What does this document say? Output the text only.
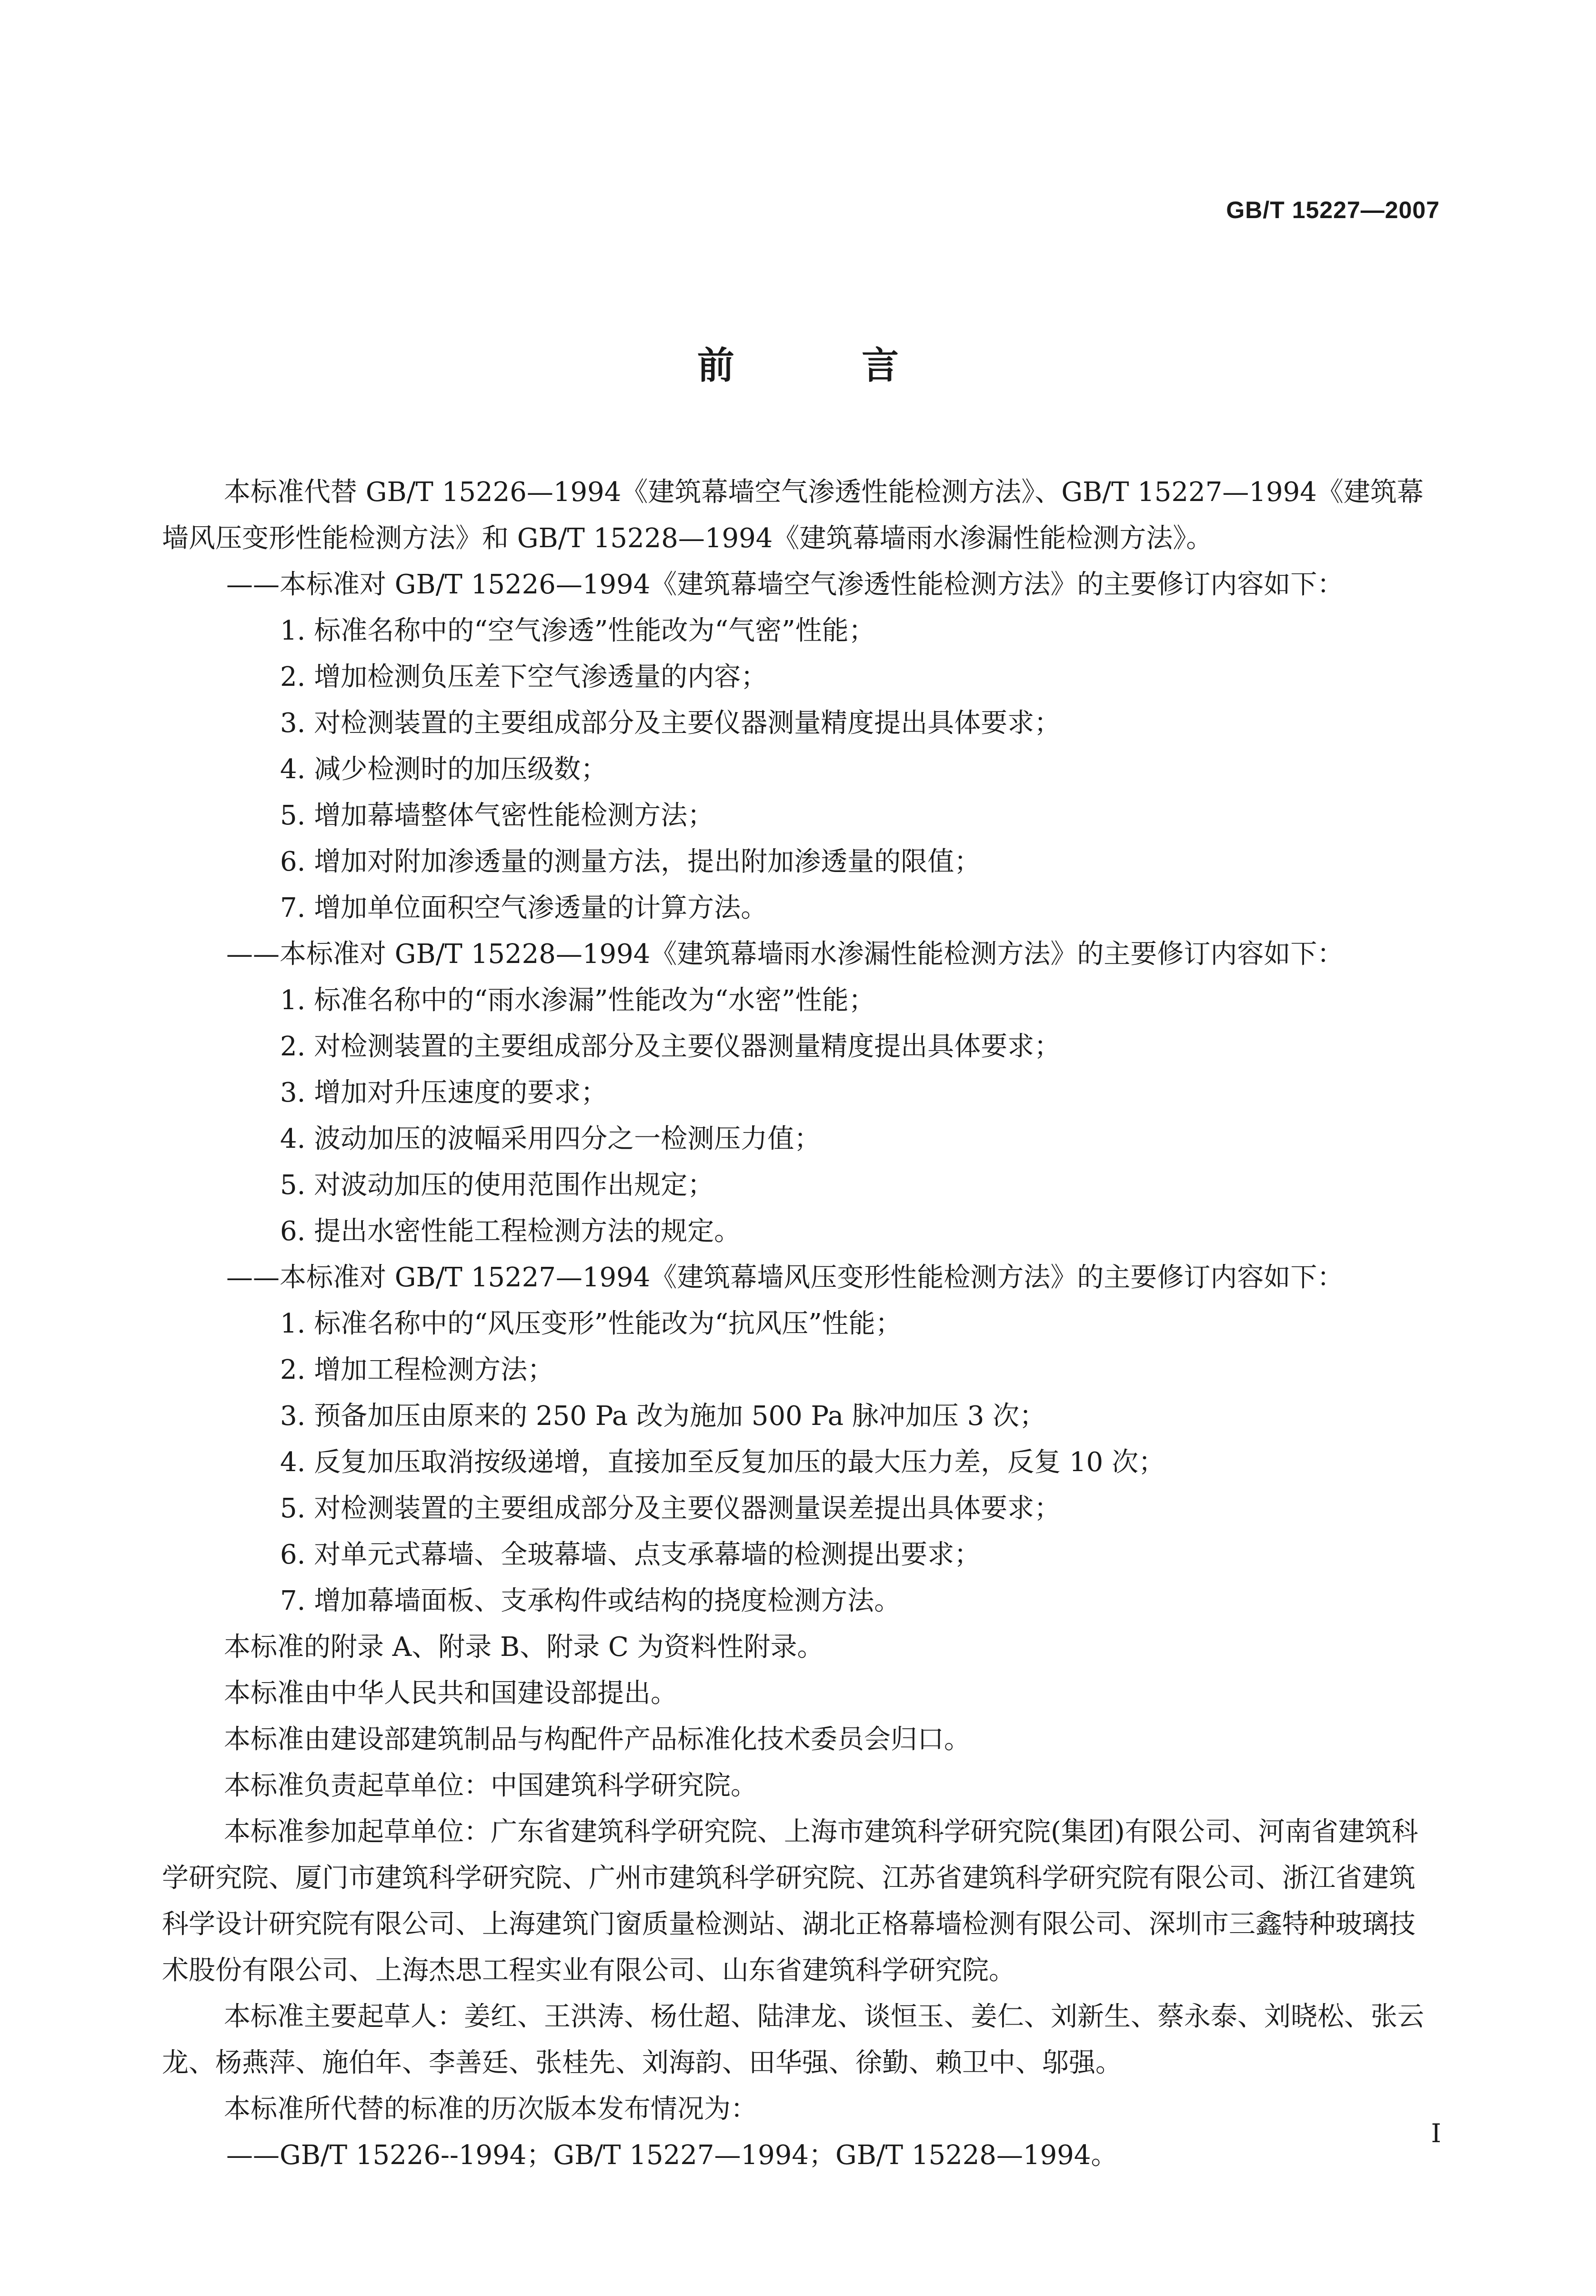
GB/T 15227—2007
前 言

本标准代替 GB/T 15226—1994《建筑幕墙空气渗透性能检测方法》、GB/T 15227—1994《建筑幕墙风压变形性能检测方法》和 GB/T 15228—1994《建筑幕墙雨水渗漏性能检测方法》。

——本标准对 GB/T 15226—1994《建筑幕墙空气渗透性能检测方法》的主要修订内容如下：

1. 标准名称中的“空气渗透”性能改为“气密”性能；

2. 增加检测负压差下空气渗透量的内容；

3. 对检测装置的主要组成部分及主要仪器测量精度提出具体要求；

4. 减少检测时的加压级数；

5. 增加幕墙整体气密性能检测方法；

6. 增加对附加渗透量的测量方法，提出附加渗透量的限值；

7. 增加单位面积空气渗透量的计算方法。

——本标准对 GB/T 15228—1994《建筑幕墙雨水渗漏性能检测方法》的主要修订内容如下：

1. 标准名称中的“雨水渗漏”性能改为“水密”性能；

2. 对检测装置的主要组成部分及主要仪器测量精度提出具体要求；

3. 增加对升压速度的要求；

4. 波动加压的波幅采用四分之一检测压力值；

5. 对波动加压的使用范围作出规定；

6. 提出水密性能工程检测方法的规定。

——本标准对 GB/T 15227—1994《建筑幕墙风压变形性能检测方法》的主要修订内容如下：

1. 标准名称中的“风压变形”性能改为“抗风压”性能；

2. 增加工程检测方法；

3. 预备加压由原来的 250 Pa 改为施加 500 Pa 脉冲加压 3 次；

4. 反复加压取消按级递增，直接加至反复加压的最大压力差，反复 10 次；

5. 对检测装置的主要组成部分及主要仪器测量误差提出具体要求；

6. 对单元式幕墙、全玻幕墙、点支承幕墙的检测提出要求；

7. 增加幕墙面板、支承构件或结构的挠度检测方法。

本标准的附录 A、附录 B、附录 C 为资料性附录。

本标准由中华人民共和国建设部提出。

本标准由建设部建筑制品与构配件产品标准化技术委员会归口。

本标准负责起草单位：中国建筑科学研究院。

本标准参加起草单位：广东省建筑科学研究院、上海市建筑科学研究院(集团)有限公司、河南省建筑科学研究院、厦门市建筑科学研究院、广州市建筑科学研究院、江苏省建筑科学研究院有限公司、浙江省建筑科学设计研究院有限公司、上海建筑门窗质量检测站、湖北正格幕墙检测有限公司、深圳市三鑫特种玻璃技术股份有限公司、上海杰思工程实业有限公司、山东省建筑科学研究院。

本标准主要起草人：姜红、王洪涛、杨仕超、陆津龙、谈恒玉、姜仁、刘新生、蔡永泰、刘晓松、张云龙、杨燕萍、施伯年、李善廷、张桂先、刘海韵、田华强、徐勤、赖卫中、邬强。

本标准所代替的标准的历次版本发布情况为：

——GB/T 15226--1994；GB/T 15227—1994；GB/T 15228—1994。

I
